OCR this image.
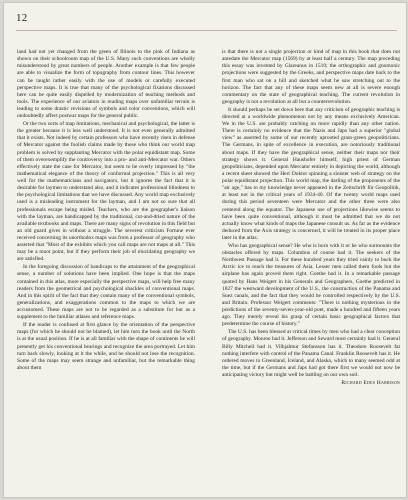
12

land had not yet changed from the green of Illinois to the pink of Indiana as shown on their schoolroom map of the U.S. Many such conventions are wholly misunderstood by great numbers of people. Another example is that few people are able to visualize the form of topography from contour lines. This however can be taught rather easily with the use of models or carefully executed perspective maps. It is true that many of the psychological fixations discussed here can be quite easily dispelled by modernization of teaching methods and tools. The experience of our aviators in reading maps over unfamiliar terrain is leading to some drastic revisions of symbols and color conventions, which will undoubtedly affect postwar maps for the general public.

Or the two sorts of map limitations, mechanical and psychological, the latter is the greater because it is less well understood. It is not even generally admitted that it exists. Not indeed by certain professors who have recently risen in defense of Mercator against the foolish claims made by those who think our world map problem is solved by supplanting Mercator with the polar equidistant map. Some of them overexemplify the controversy into a pro- and anti-Mercator war. Others effectively state the case for Mercator, but seem to be overly impressed by "the mathematical elegance of the theory of conformal projection." This is all very well for the mathematicians and navigators, but it ignores the fact that it is desirable for laymen to understand also, and it indicates professional blindness to the psychological limitations that we have discussed. Any world map exclusively used is a misleading instrument for the layman, and I am not so sure that all professionals escape being misled. Teachers, who are the geographer's liaison with the layman, are handicapped by the traditional, cut-and-dried nature of the available textbooks and maps. There are many signs of revolution in this field but an old guard gives in without a struggle. The severest criticism Fortune ever received concerning its unorthodox maps was from a professor of geography who asserted that "Most of the exhibits which you call maps are not maps at all." This may be a moot point, but if they perform their job of elucidating geography we are satisfied.

In the foregoing discussion of handicaps to the attainment of the geographical sense, a number of solutions have been implied. One hope is that the maps contained in this atlas, more especially the perspective maps, will help free many readers from the geometrical and psychological shackles of conventional maps. And in this spirit of the fact that they contain many of the conventional symbols, generalizations, and exaggerations common to the maps to which we are accustomed. These maps are not to be regarded as a substitute for but as a supplement to the familiar atlases and reference maps.

If the reader is confused at first glance by the orientation of the perspective maps (for which he should not be blamed), let him turn the book until the North is at the usual position. If he is at all familiar with the shape of continents he will presently get his conventional bearings and recognize the area portrayed. Let him turn back slowly, looking at it the while, and he should not lose the recognition. Some of the maps may seem strange and unfamiliar, but the remarkable thing about them

is that there is not a single projection or kind of map in this book that does not antedate the Mercator map (1569) by at least half a century. The map preceding this essay was invented by Glareanus in 1510; the orthographic and gnomonic projections were suggested by the Greeks, and perspective maps date back to the first man who sat on a hill and sketched what he saw stretching out to the horizon. The fact that any of these maps seem new at all is severe enough commentary on the state of geographical teaching. The current revolution in geography is not a revolution at all but a counterrevolution.

It should perhaps be set down here that any criticism of geographic teaching is directed at a worldwide phenomenon not by any means exclusively American. We in the U.S. are probably catching on more rapidly than any other nation. There is certainly no evidence that the Nazis and Japs had a superior "global view" as asserted by some of our recently uprooted grass-green geopoliticians. The Germans, in spite of excellence in execution, are notoriously traditional about maps. If they have the geographical sense, neither their maps nor their strategy shows it. General Haushofer himself, high priest of German geopoliticians, depended upon Mercator entirely in depicting the world, although a recent sheet showed the Herr Doktor spinning a sinister web of strategy on the polar equidistant projection. This world map, the darling of the proponents of the "air age," has to my knowledge never appeared in the Zeitschrift für Geopolitik, at least not in the critical years of 1934-40. Of the twenty world maps used during this period seventeen were Mercator and the other three were also centered along the equator. The Japanese use of projections likewise seems to have been quite conventional, although it must be admitted that we do not actually know what kinds of maps the Japanese consult us. As far as the evidence deduced from the Axis strategy is concerned, it will be treated in its proper place later in the atlas.

Who has geographical sense? He who is born with it or he who surmounts the obstacles offered by maps. Columbus of course had it. The seekers of the Northwest Passage had it. For these hundred years they tried vainly to buck the Arctic ice to reach the treasures of Asia. Lesser men called them fools but the airplane has again proved them right. Goethe had it. In a remarkable passage quoted by Hans Weigert in his Generals and Geographers, Goethe predicted in 1827 the westward development of the U.S., the construction of the Panama and Suez canals, and the fact that they would be controlled respectively by the U.S. and Britain. Professor Weigert comments: "There is nothing mysterious in the predictions of the seventy-seven-year-old poet, made a hundred and fifteen years ago. They merely reveal his grasp of certain basic geographical factors that predetermine the course of history."

The U.S. has been blessed at critical times by men who had a clear conception of geography. Monroe had it. Jefferson and Seward most certainly had it. General Billy Mitchell had it. Vilhjalmur Stefansson has it. Theodore Roosevelt fat nothing interfere with control of the Panama Canal. Franklin Roosevelt has it. He ordered moves to Greenland, Iceland, and Alaska, which to many seemed odd at the time, but if the Germans and Japs had got there first we would not now be anticipating victory but might well be battling on our own soil.

Richard Edes Harrison
